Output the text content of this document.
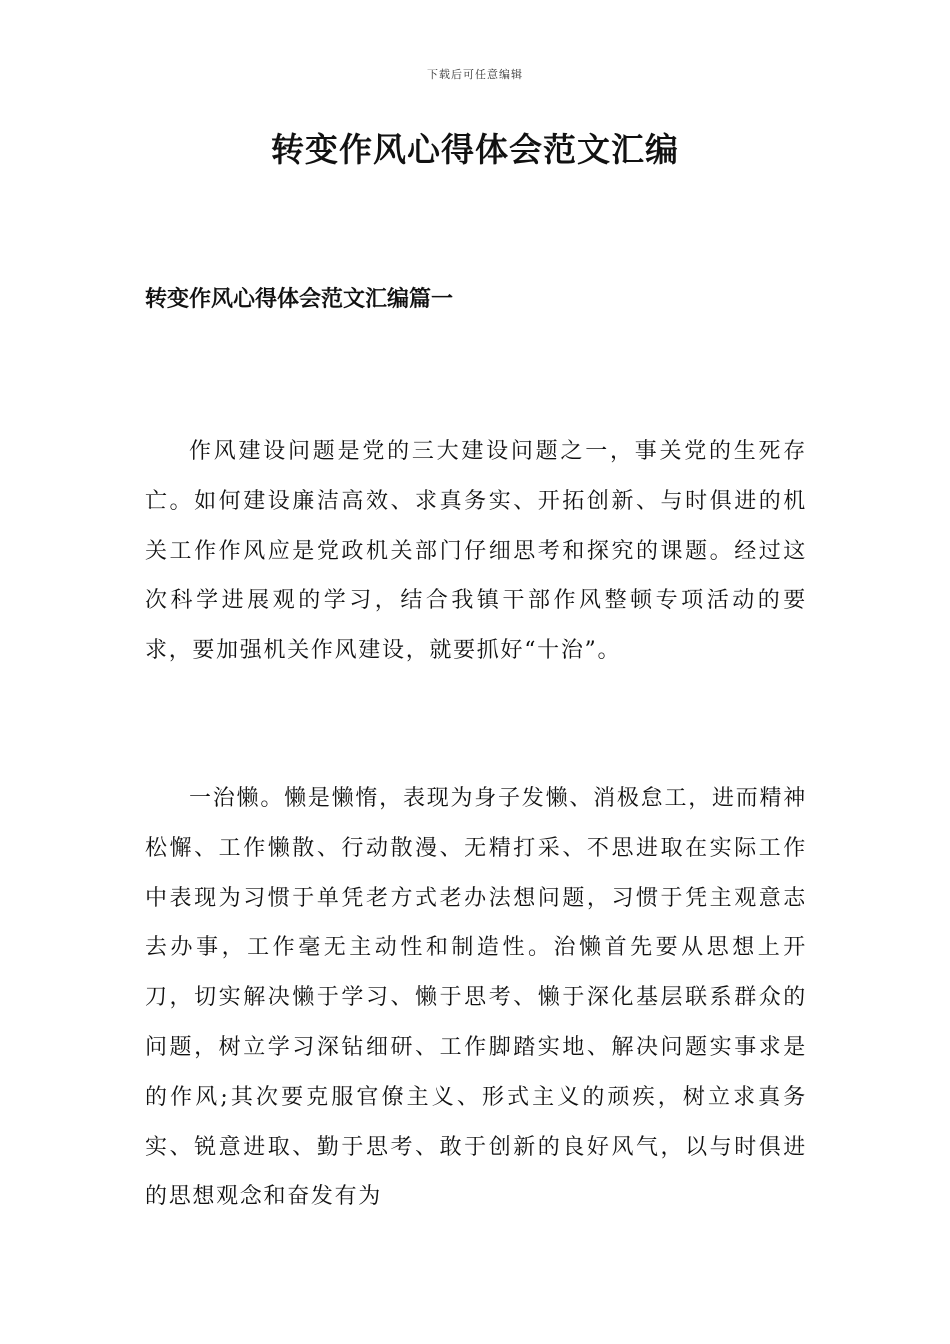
下载后可任意编辑
转变作风心得体会范文汇编
转变作风心得体会范文汇编篇一

作风建设问题是党的三大建设问题之一，事关党的生死存亡。如何建设廉洁高效、求真务实、开拓创新、与时俱进的机关工作作风应是党政机关部门仔细思考和探究的课题。经过这次科学进展观的学习，结合我镇干部作风整顿专项活动的要求，要加强机关作风建设，就要抓好“十治”。

一治懒。懒是懒惰，表现为身子发懒、消极怠工，进而精神松懈、工作懒散、行动散漫、无精打采、不思进取在实际工作中表现为习惯于单凭老方式老办法想问题，习惯于凭主观意志去办事，工作毫无主动性和制造性。治懒首先要从思想上开刀，切实解决懒于学习、懒于思考、懒于深化基层联系群众的问题，树立学习深钻细研、工作脚踏实地、解决问题实事求是的作风;其次要克服官僚主义、形式主义的顽疾，树立求真务实、锐意进取、勤于思考、敢于创新的良好风气，以与时俱进的思想观念和奋发有为
